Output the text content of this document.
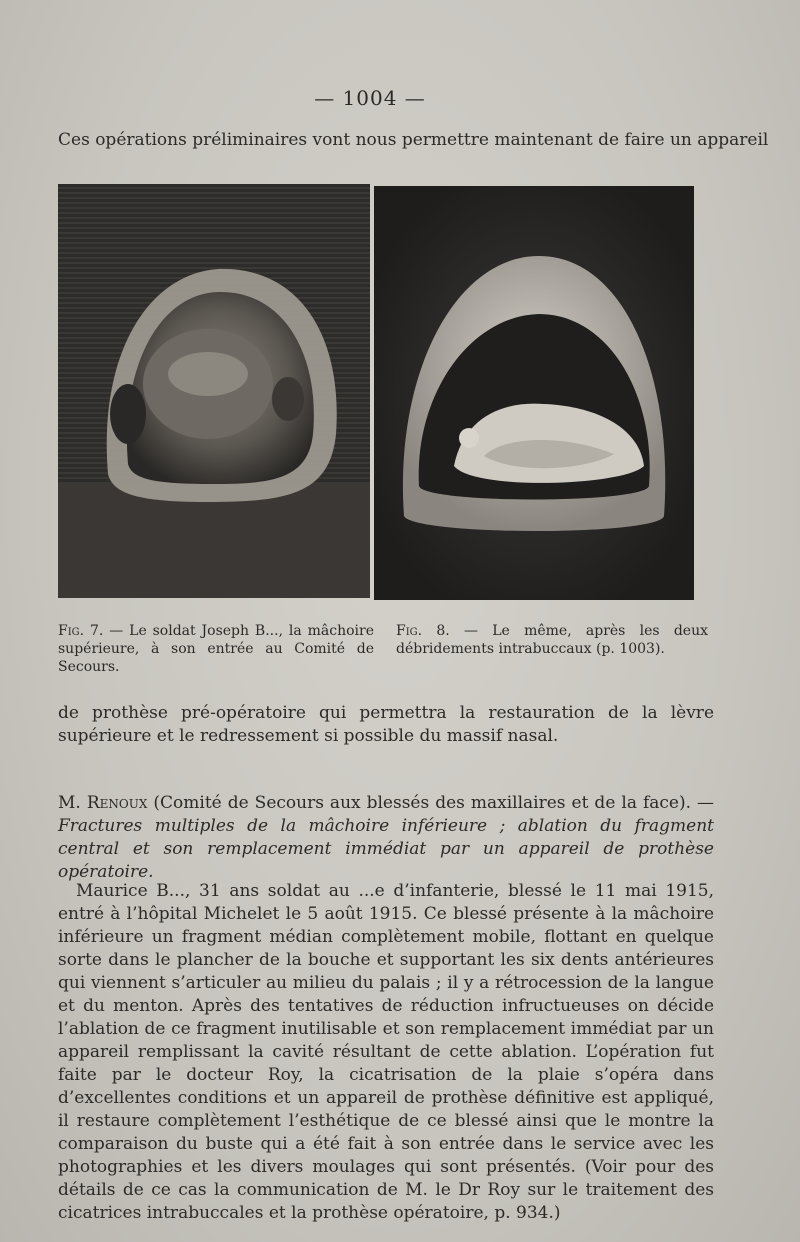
— 1004 —
Ces opérations préliminaires vont nous permettre maintenant de faire un appareil
Fig. 7. — Le soldat Joseph B..., la mâchoire supérieure, à son entrée au Comité de Secours.
Fig. 8. — Le même, après les deux débridements intrabuccaux (p. 1003).
de prothèse pré-opératoire qui permettra la restauration de la lèvre supérieure et le redressement si possible du massif nasal.
M. Renoux (Comité de Secours aux blessés des maxillaires et de la face). — Fractures multiples de la mâchoire inférieure ; ablation du fragment central et son remplacement immédiat par un appareil de prothèse opératoire.
Maurice B..., 31 ans soldat au ...e d’infanterie, blessé le 11 mai 1915, entré à l’hôpital Michelet le 5 août 1915. Ce blessé présente à la mâchoire inférieure un fragment médian complètement mobile, flottant en quelque sorte dans le plancher de la bouche et supportant les six dents antérieures qui viennent s’articuler au milieu du palais ; il y a rétrocession de la langue et du menton. Après des tentatives de réduction infructueuses on décide l’ablation de ce fragment inutilisable et son remplacement immédiat par un appareil remplissant la cavité résultant de cette ablation. L’opération fut faite par le docteur Roy, la cicatrisation de la plaie s’opéra dans d’excellentes conditions et un appareil de prothèse définitive est appliqué, il restaure complètement l’esthétique de ce blessé ainsi que le montre la comparaison du buste qui a été fait à son entrée dans le service avec les photographies et les divers moulages qui sont présentés. (Voir pour des détails de ce cas la communication de M. le Dr Roy sur le traitement des cicatrices intrabuccales et la prothèse opératoire, p. 934.)
